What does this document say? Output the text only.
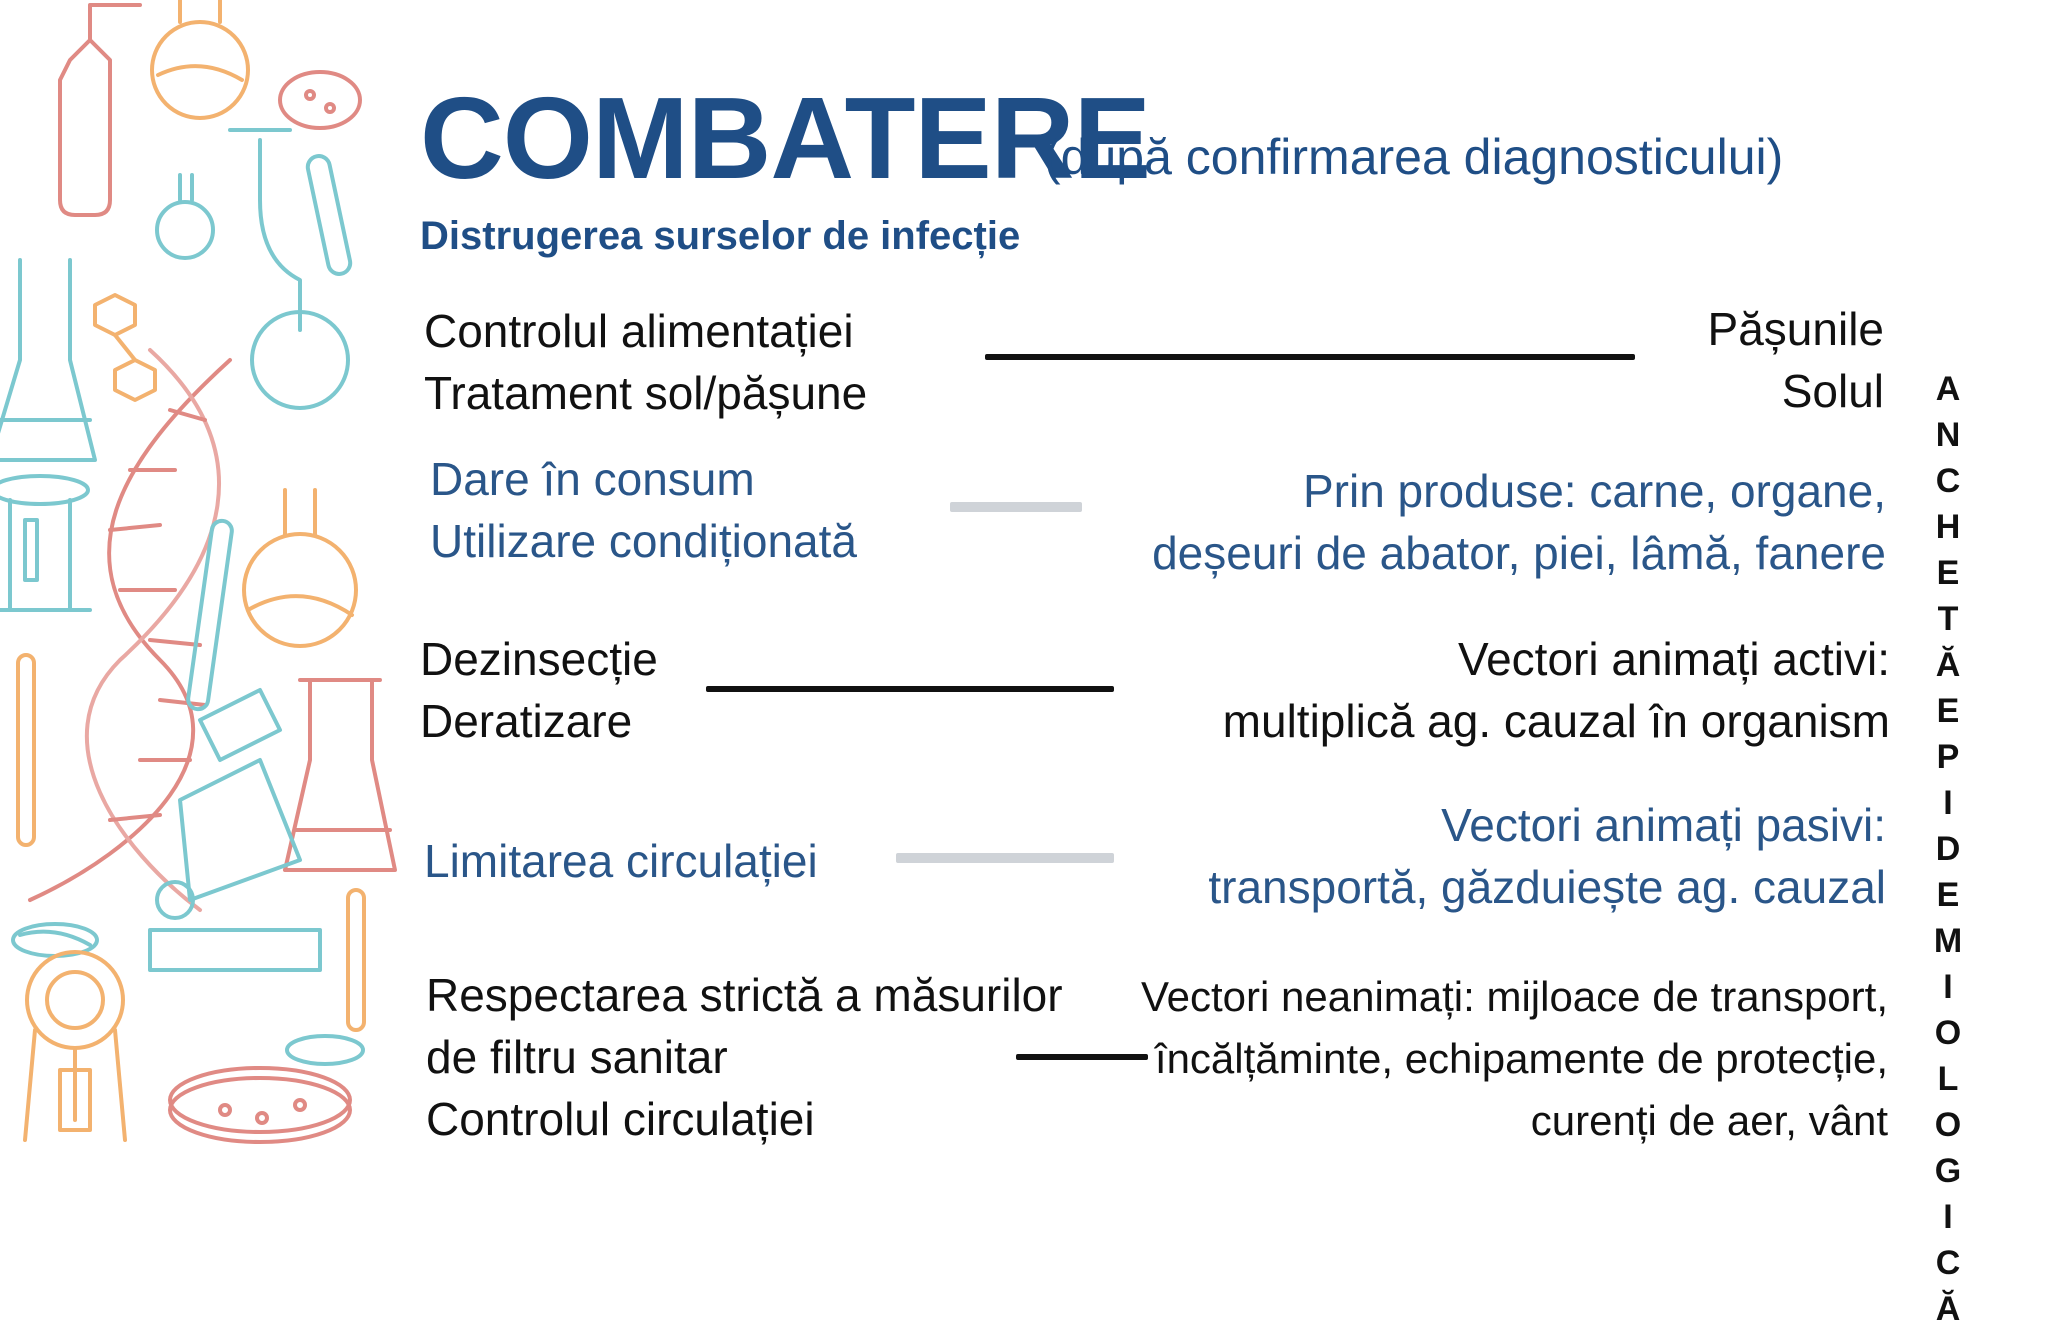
COMBATERE
(după confirmarea diagnosticului)
Distrugerea surselor de infecție
Controlul alimentației
Tratament sol/pășune
Pășunile
Solul
Dare în consum
Utilizare condiționată
Prin produse: carne, organe,
deșeuri de abator, piei, lâmă, fanere
Dezinsecție
Deratizare
Vectori animați activi:
multiplică ag. cauzal în organism
Limitarea circulației
Vectori animați pasivi:
transportă, găzduiește ag. cauzal
Respectarea strictă a măsurilor
de filtru sanitar
Controlul circulației
Vectori neanimați: mijloace de transport,
încălțăminte, echipamente de protecție,
curenți de aer, vânt ANCHETĂEPIDEMIOLOGICĂ
